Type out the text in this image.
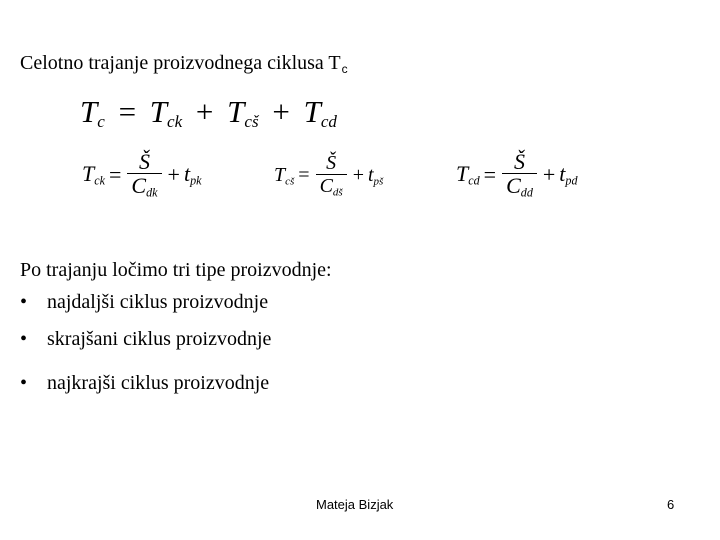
Celotno trajanje proizvodnega ciklusa $T_c$
$T_c = T_{ck} + T_{cš} + T_{cd}$
$T_{ck} = \frac{Š}{C_{dk}} + t_{pk}$	$T_{cš} = \frac{Š}{C_{dš}} + t_{pš}$	$T_{cd} = \frac{Š}{C_{dd}} + t_{pd}$
Po trajanju ločimo tri tipe proizvodnje:
• najdaljši ciklus proizvodnje
• skrajšani ciklus proizvodnje
• najkrajši ciklus proizvodnje
Mateja Bizjak	6
